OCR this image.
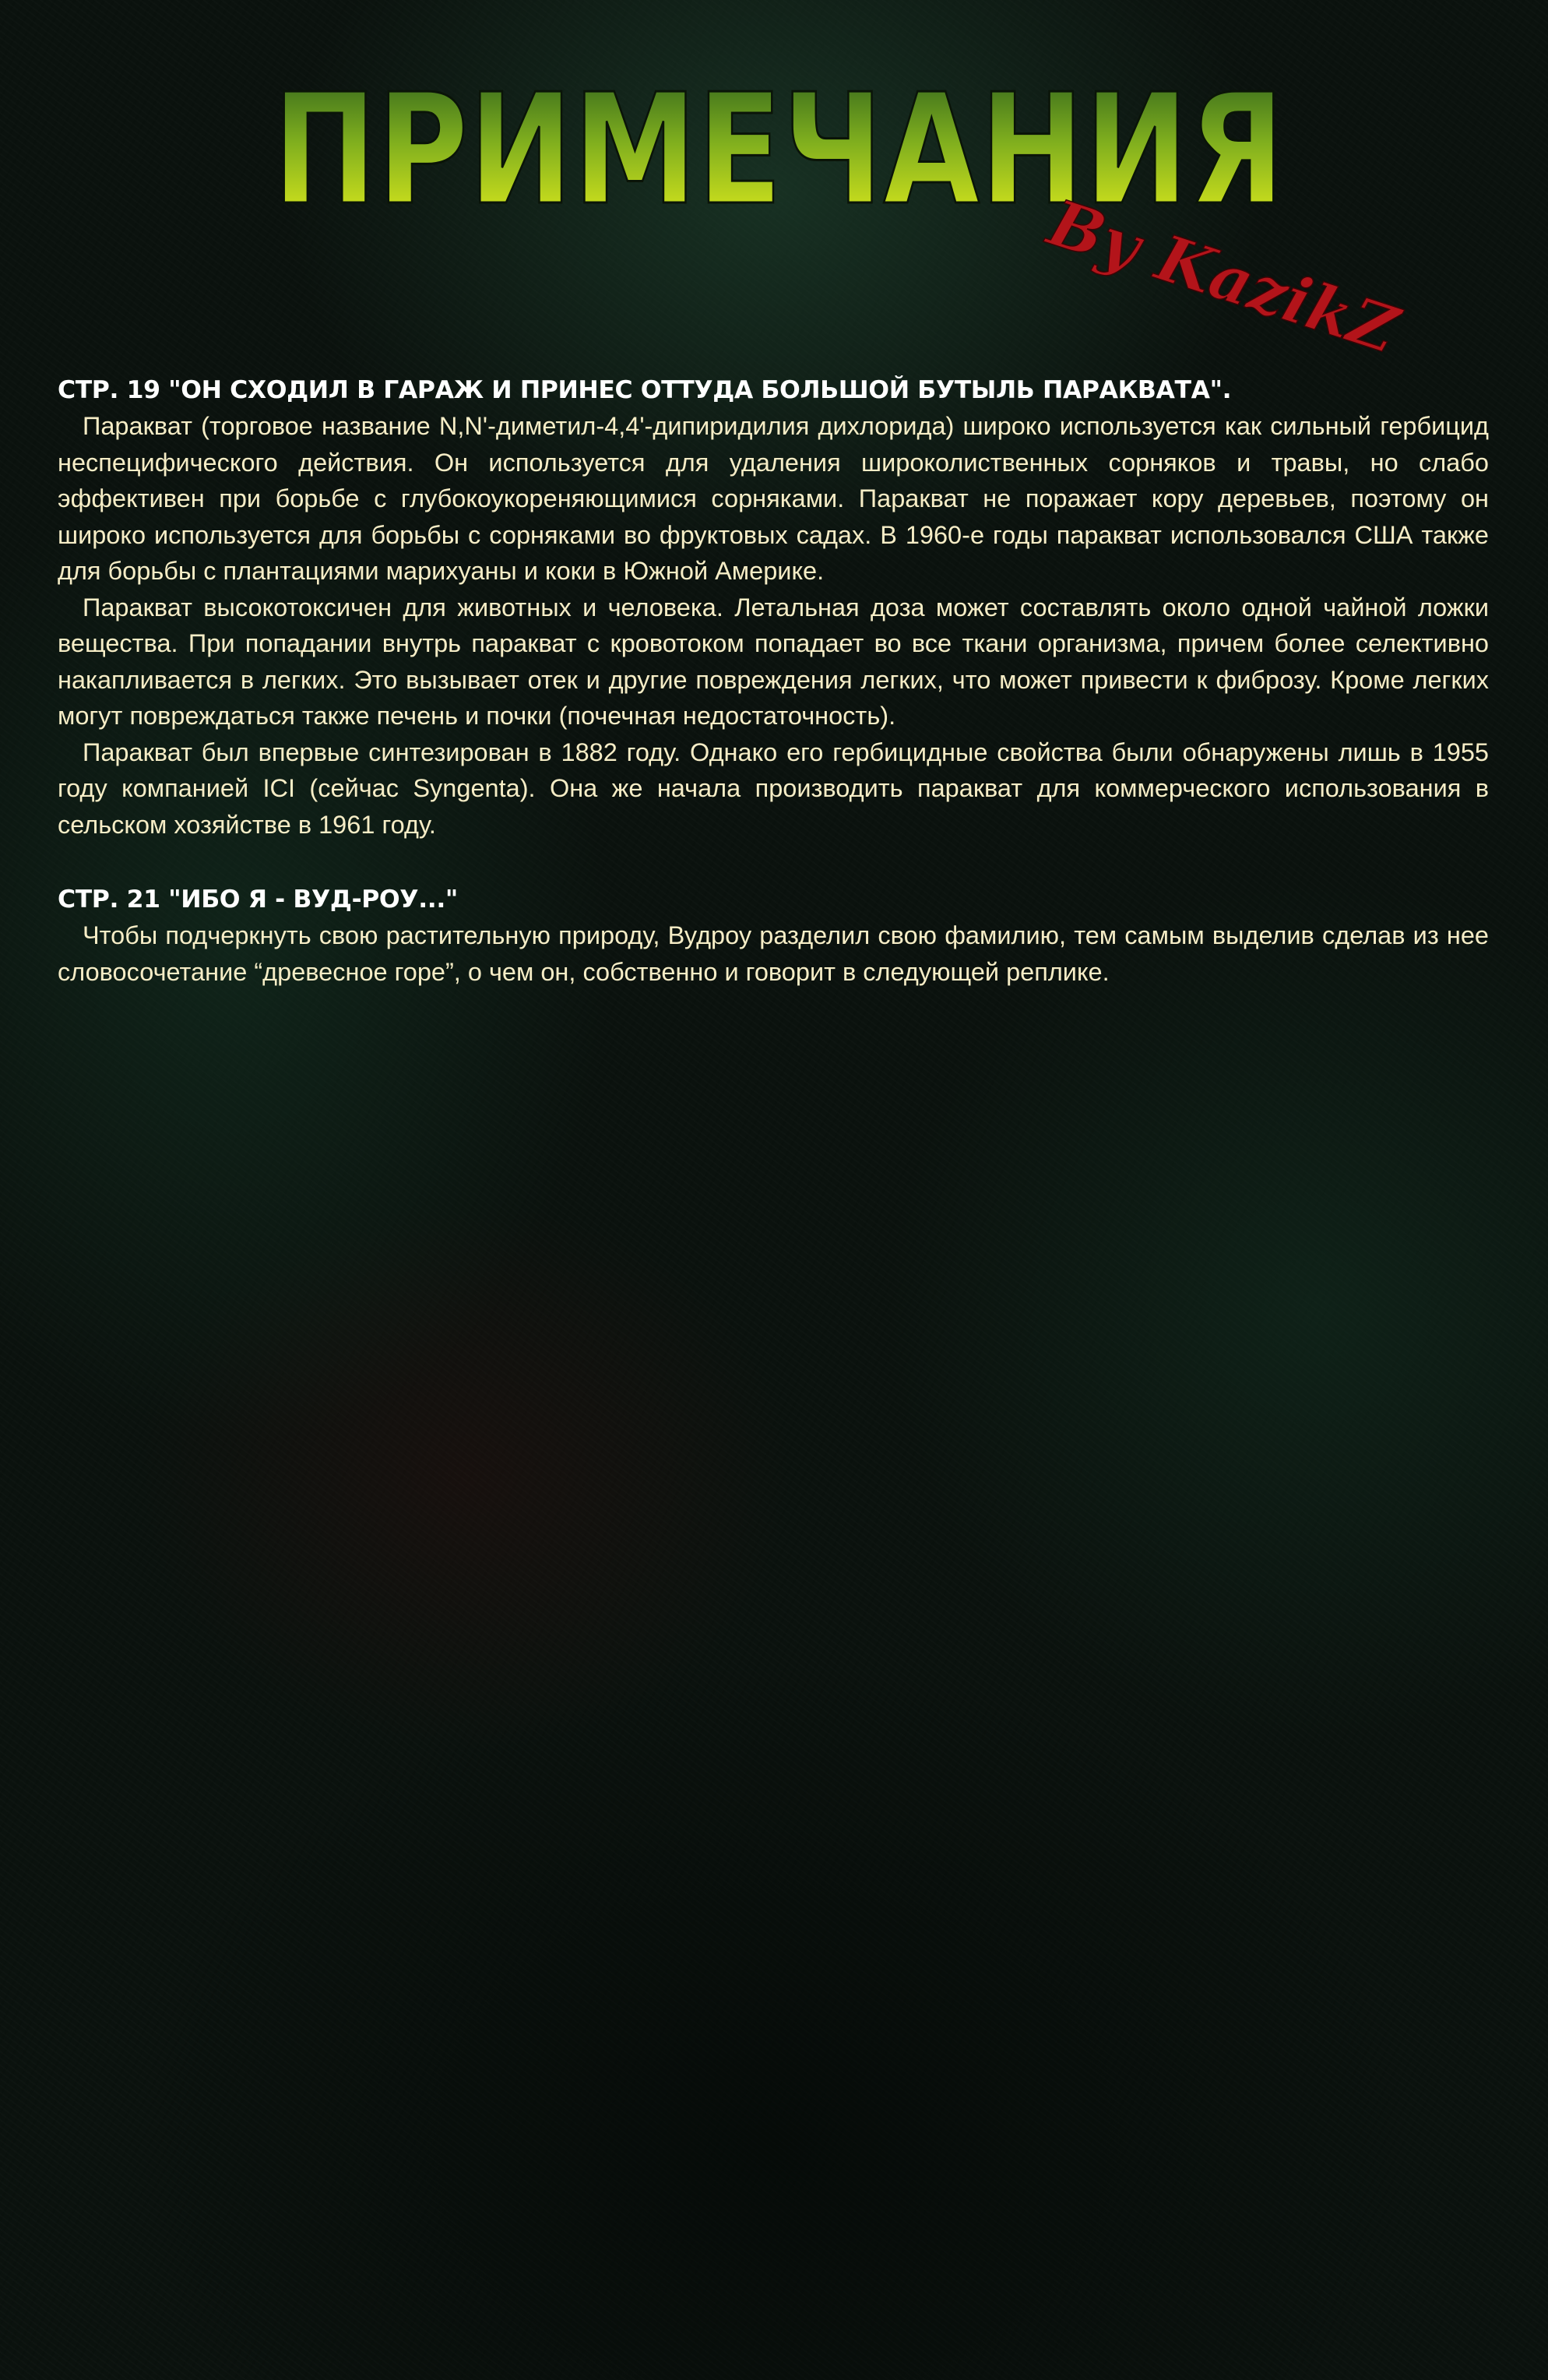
ПРИМЕЧАНИЯ
By KazikZ

СТР. 19 "ОН СХОДИЛ В ГАРАЖ И ПРИНЕС ОТТУДА БОЛЬШОЙ БУТЫЛЬ ПАРАКВАТА".

Паракват (торговое название N,N'-диметил-4,4'-дипиридилия дихлорида) широко используется как сильный гербицид неспецифического действия. Он используется для удаления широколиственных сорняков и травы, но слабо эффективен при борьбе с глубокоукореняющимися сорняками. Паракват не поражает кору деревьев, поэтому он широко используется для борьбы с сорняками во фруктовых садах. В 1960-е годы паракват использовался США также для борьбы с плантациями марихуаны и коки в Южной Америке.

Паракват высокотоксичен для животных и человека. Летальная доза может составлять около одной чайной ложки вещества. При попадании внутрь паракват с кровотоком попадает во все ткани организма, причем более селективно накапливается в легких. Это вызывает отек и другие повреждения легких, что может привести к фиброзу. Кроме легких могут повреждаться также печень и почки (почечная недостаточность).

Паракват был впервые синтезирован в 1882 году. Однако его гербицидные свойства были обнаружены лишь в 1955 году компанией ICI (сейчас Syngenta). Она же начала производить паракват для коммерческого использования в сельском хозяйстве в 1961 году.

СТР. 21 "ИБО Я - ВУД-РОУ..."

Чтобы подчеркнуть свою растительную природу, Вудроу разделил свою фамилию, тем самым выделив сделав из нее словосочетание “древесное горе”, о чем он, собственно и говорит в следующей реплике.
